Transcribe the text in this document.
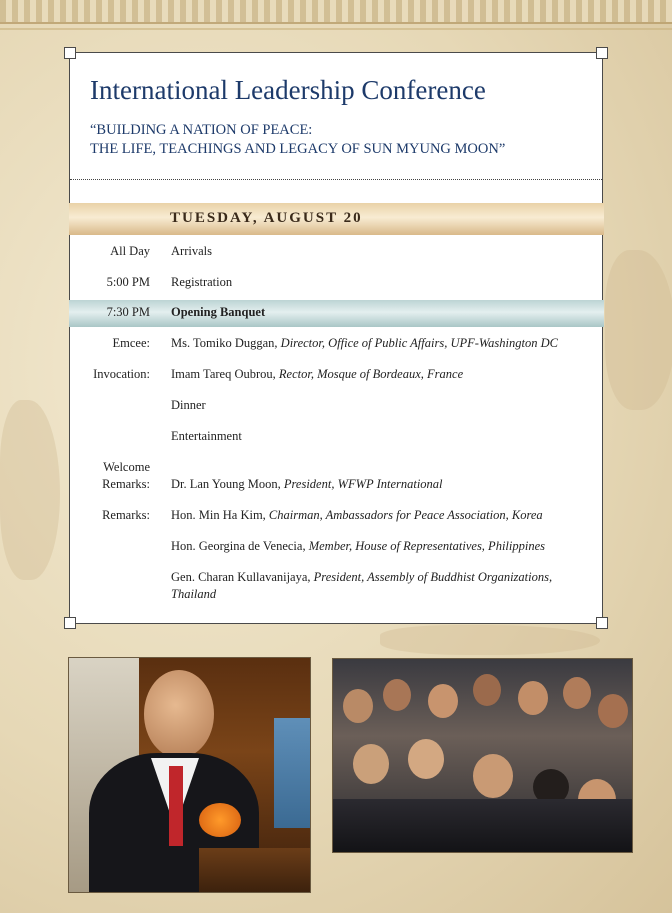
International Leadership Conference
“BUILDING A NATION OF PEACE:
THE LIFE, TEACHINGS AND LEGACY OF SUN MYUNG MOON”
TUESDAY, AUGUST 20
All Day Arrivals
5:00 PM Registration
7:30 PM Opening Banquet
Emcee: Ms. Tomiko Duggan, Director, Office of Public Affairs, UPF-Washington DC
Invocation: Imam Tareq Oubrou, Rector, Mosque of Bordeaux, France
Dinner
Entertainment
Welcome
Remarks: Dr. Lan Young Moon, President, WFWP International
Remarks: Hon. Min Ha Kim, Chairman, Ambassadors for Peace Association, Korea
Hon. Georgina de Venecia, Member, House of Representatives, Philippines
Gen. Charan Kullavanijaya, President, Assembly of Buddhist Organizations,
Thailand
